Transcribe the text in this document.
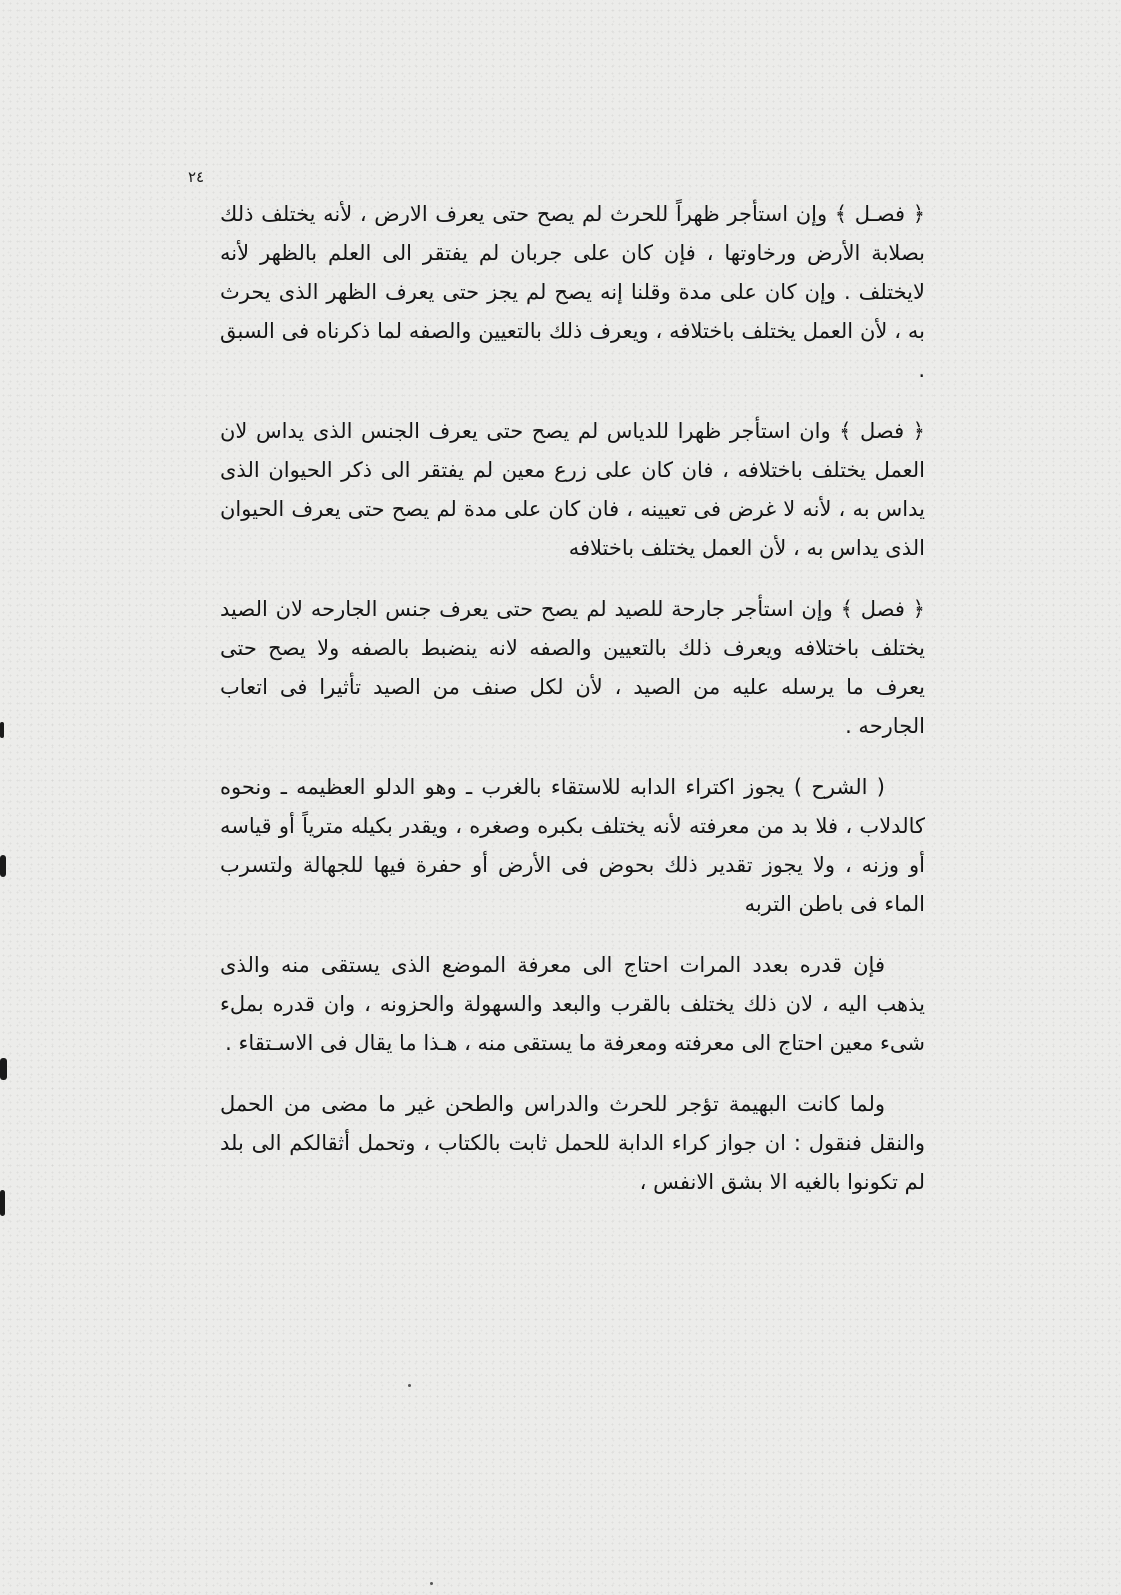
٢٤

﴿ فصـل ﴾ وإن استأجر ظهراً للحرث لم يصح حتى يعرف الارض ، لأنه يختلف ذلك بصلابة الأرض ورخاوتها ، فإن كان على جربان لم يفتقر الى العلم بالظهر لأنه لايختلف . وإن كان على مدة وقلنا إنه يصح لم يجز حتى يعرف الظهر الذى يحرث به ، لأن العمل يختلف باختلافه ، ويعرف ذلك بالتعيين والصفه لما ذكرناه فى السبق .

﴿ فصل ﴾ وان استأجر ظهرا للدياس لم يصح حتى يعرف الجنس الذى يداس لان العمل يختلف باختلافه ، فان كان على زرع معين لم يفتقر الى ذكر الحيوان الذى يداس به ، لأنه لا غرض فى تعيينه ، فان كان على مدة لم يصح حتى يعرف الحيوان الذى يداس به ، لأن العمل يختلف باختلافه

﴿ فصل ﴾ وإن استأجر جارحة للصيد لم يصح حتى يعرف جنس الجارحه لان الصيد يختلف باختلافه ويعرف ذلك بالتعيين والصفه لانه ينضبط بالصفه ولا يصح حتى يعرف ما يرسله عليه من الصيد ، لأن لكل صنف من الصيد تأثيرا فى اتعاب الجارحه .

( الشرح ) يجوز اكتراء الدابه للاستقاء بالغرب ـ وهو الدلو العظيمه ـ ونحوه كالدلاب ، فلا بد من معرفته لأنه يختلف بكبره وصغره ، ويقدر بكيله مترياً أو قياسه أو وزنه ، ولا يجوز تقدير ذلك بحوض فى الأرض أو حفرة فيها للجهالة ولتسرب الماء فى باطن التربه

فإن قدره بعدد المرات احتاج الى معرفة الموضع الذى يستقى منه والذى يذهب اليه ، لان ذلك يختلف بالقرب والبعد والسهولة والحزونه ، وان قدره بملء شىء معين احتاج الى معرفته ومعرفة ما يستقى منه ، هـذا ما يقال فى الاسـتقاء .

ولما كانت البهيمة تؤجر للحرث والدراس والطحن غير ما مضى من الحمل والنقل فنقول : ان جواز كراء الدابة للحمل ثابت بالكتاب ، وتحمل أثقالكم الى بلد لم تكونوا بالغيه الا بشق الانفس ،
